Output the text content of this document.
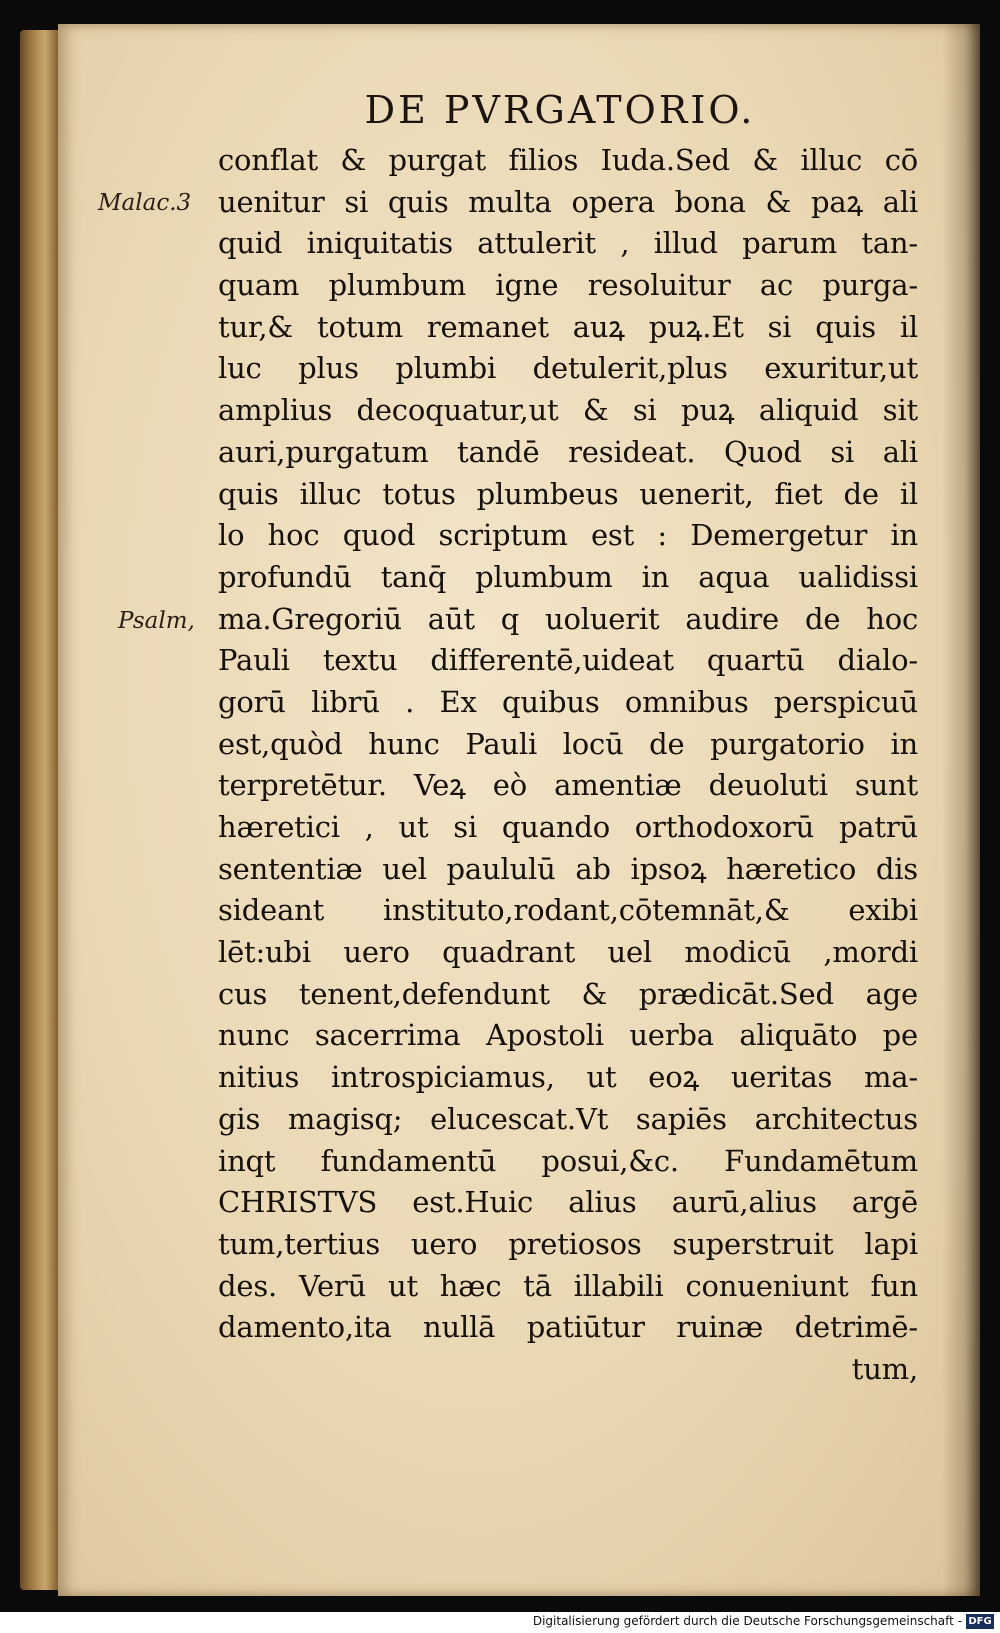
DE PVRGATORIO.
Malac.3
Psalm,
conflat & purgat filios Iuda.Sed & illuc cō
uenitur si quis multa opera bona & paꝝ ali
quid iniquitatis attulerit , illud parum tan-
quam plumbum igne resoluitur ac purga-
tur,& totum remanet auꝝ puꝝ.Et si quis il
luc plus plumbi detulerit,plus exuritur,ut
amplius decoquatur,ut & si puꝝ aliquid sit
auri,purgatum tandē resideat. Quod si ali
quis illuc totus plumbeus uenerit, fiet de il
lo hoc quod scriptum est : Demergetur in
profundū tanq̄ plumbum in aqua ualidissi
ma.Gregoriū aūt q uoluerit audire de hoc
Pauli textu differentē,uideat quartū dialo-
gorū librū . Ex quibus omnibus perspicuū
est,quòd hunc Pauli locū de purgatorio in
terpretētur. Veꝝ eò amentiæ deuoluti sunt
hæretici , ut si quando orthodoxorū patrū
sententiæ uel paululū ab ipsoꝝ hæretico dis
sideant instituto,rodant,cōtemnāt,& exibi
lēt:ubi uero quadrant uel modicū ,mordi
cus tenent,defendunt & prædicāt.Sed age
nunc sacerrima Apostoli uerba aliquāto pe
nitius introspiciamus, ut eoꝝ ueritas ma-
gis magisq; elucescat.Vt sapiēs architectus
inqt fundamentū posui,&c. Fundamētum
CHRISTVS est.Huic alius aurū,alius argē
tum,tertius uero pretiosos superstruit lapi
des. Verū ut hæc tā illabili conueniunt fun
damento,ita nullā patiūtur ruinæ detrimē-
tum,
Digitalisierung gefördert durch die Deutsche Forschungsgemeinschaft - DFG
